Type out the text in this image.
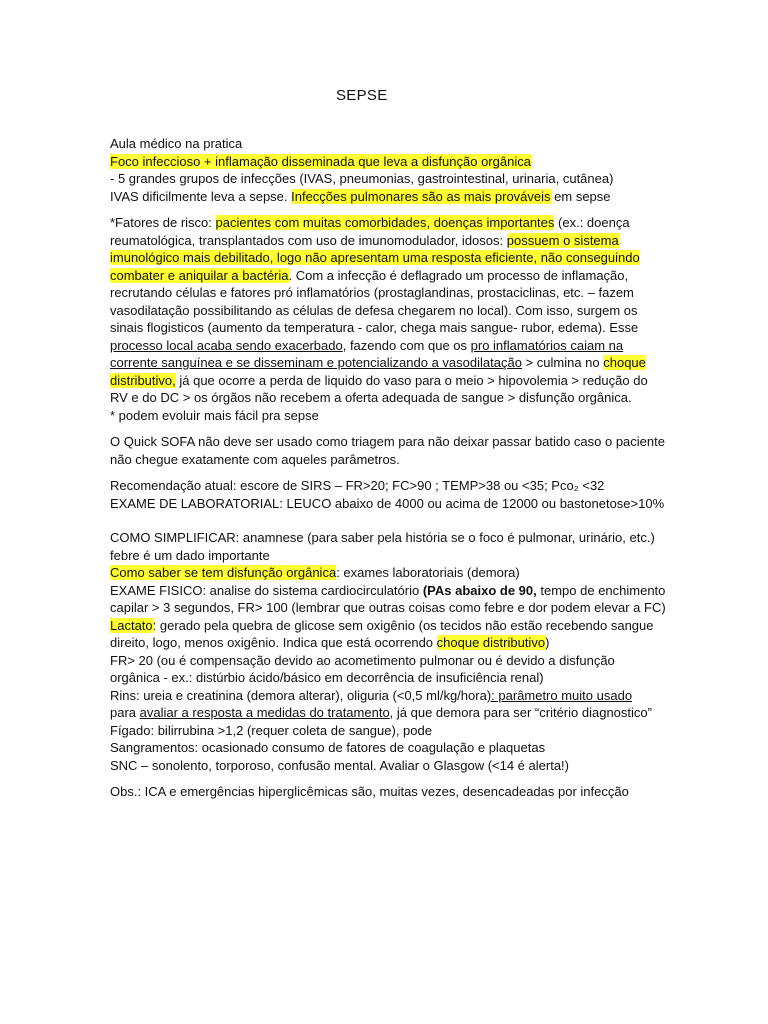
SEPSE

Aula médico na pratica

Foco infeccioso + inflamação disseminada que leva a disfunção orgânica

- 5 grandes grupos de infecções (IVAS, pneumonias, gastrointestinal, urinaria, cutânea)

IVAS dificilmente leva a sepse. Infecções pulmonares são as mais prováveis em sepse

*Fatores de risco: pacientes com muitas comorbidades, doenças importantes (ex.: doença

reumatológica, transplantados com uso de imunomodulador, idosos: possuem o sistema

imunológico mais debilitado, logo não apresentam uma resposta eficiente, não conseguindo

combater e aniquilar a bactéria. Com a infecção é deflagrado um processo de inflamação,

recrutando células e fatores pró inflamatórios (prostaglandinas, prostaciclinas, etc. – fazem

vasodilatação possibilitando as células de defesa chegarem no local). Com isso, surgem os

sinais flogisticos (aumento da temperatura - calor, chega mais sangue- rubor, edema). Esse

processo local acaba sendo exacerbado, fazendo com que os pro inflamatórios caiam na

corrente sanguínea e se disseminam e potencializando a vasodilatação > culmina no choque

distributivo, já que ocorre a perda de liquido do vaso para o meio > hipovolemia > redução do

RV e do DC > os órgãos não recebem a oferta adequada de sangue > disfunção orgânica.

* podem evoluir mais fácil pra sepse

O Quick SOFA não deve ser usado como triagem para não deixar passar batido caso o paciente

não chegue exatamente com aqueles parâmetros.

Recomendação atual: escore de SIRS – FR>20; FC>90 ; TEMP>38 ou <35; Pco₂ <32

EXAME DE LABORATORIAL: LEUCO abaixo de 4000 ou acima de 12000 ou bastonetose>10%

COMO SIMPLIFICAR: anamnese (para saber pela história se o foco é pulmonar, urinário, etc.)

febre é um dado importante

Como saber se tem disfunção orgânica: exames laboratoriais (demora)

EXAME FISICO: analise do sistema cardiocirculatório (PAs abaixo de 90, tempo de enchimento

capilar > 3 segundos, FR> 100 (lembrar que outras coisas como febre e dor podem elevar a FC)

Lactato: gerado pela quebra de glicose sem oxigênio (os tecidos não estão recebendo sangue

direito, logo, menos oxigênio. Indica que está ocorrendo choque distributivo)

FR> 20 (ou é compensação devido ao acometimento pulmonar ou é devido a disfunção

orgânica - ex.: distúrbio ácido/básico em decorrência de insuficiência renal)

Rins: ureia e creatinina (demora alterar), oliguria (<0,5 ml/kg/hora): parâmetro muito usado

para avaliar a resposta a medidas do tratamento, já que demora para ser “critério diagnostico”

Fígado: bilirrubina >1,2 (requer coleta de sangue), pode

Sangramentos: ocasionado consumo de fatores de coagulação e plaquetas

SNC – sonolento, torporoso, confusão mental. Avaliar o Glasgow (<14 é alerta!)

Obs.: ICA e emergências hiperglicêmicas são, muitas vezes, desencadeadas por infecção
